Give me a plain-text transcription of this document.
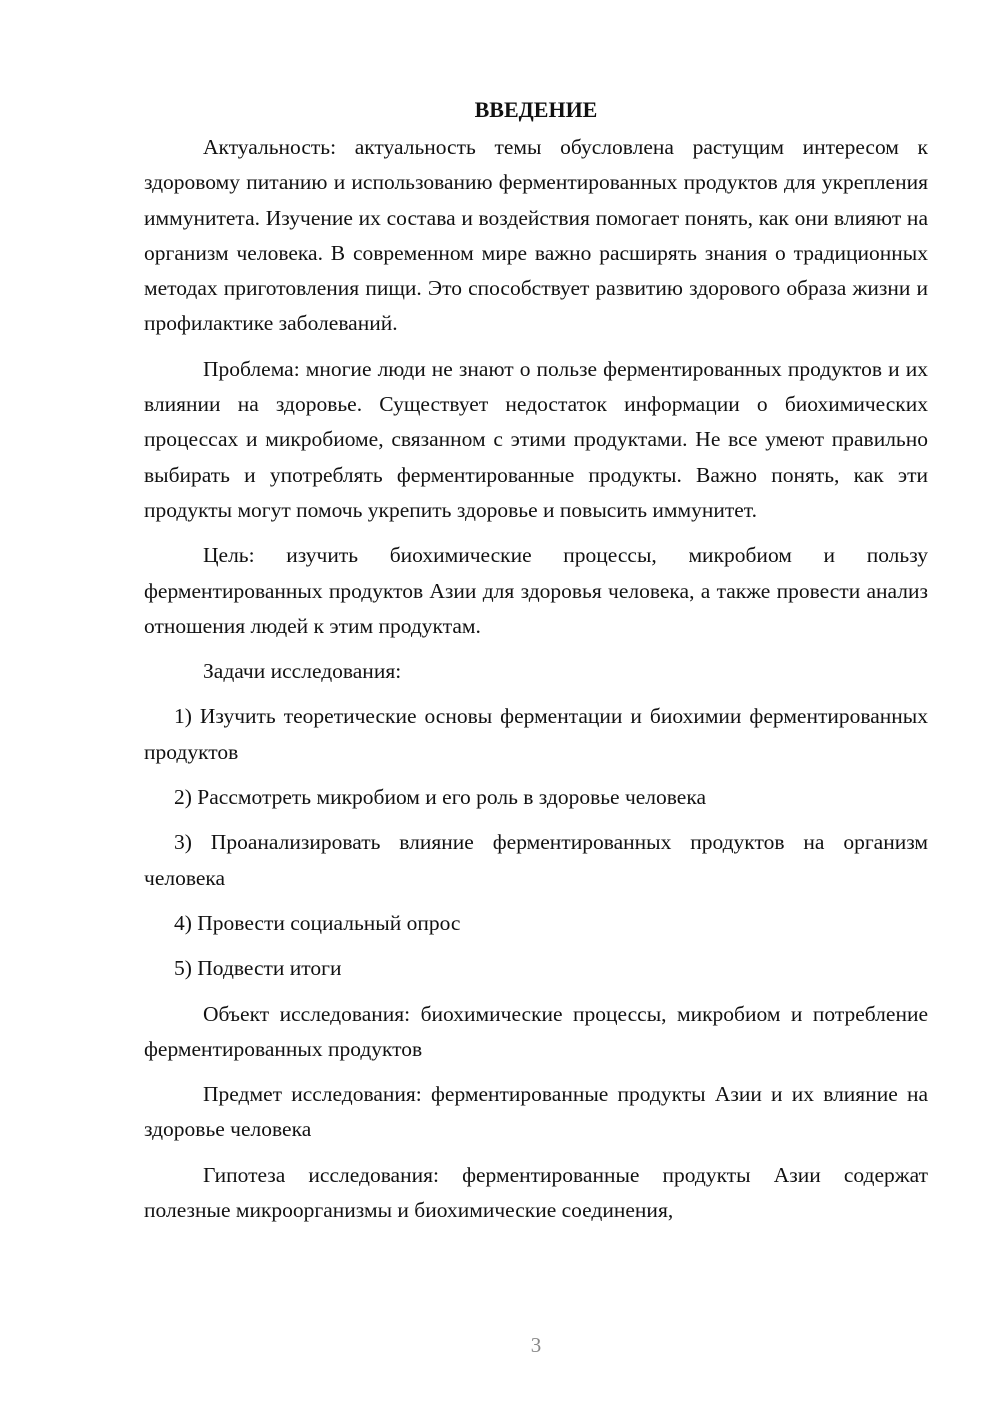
ВВЕДЕНИЕ

Актуальность: актуальность темы обусловлена растущим интересом к здоровому питанию и использованию ферментированных продуктов для укрепления иммунитета. Изучение их состава и воздействия помогает понять, как они влияют на организм человека. В современном мире важно расширять знания о традиционных методах приготовления пищи. Это способствует развитию здорового образа жизни и профилактике заболеваний.

Проблема: многие люди не знают о пользе ферментированных продуктов и их влиянии на здоровье. Существует недостаток информации о биохимических процессах и микробиоме, связанном с этими продуктами. Не все умеют правильно выбирать и употреблять ферментированные продукты. Важно понять, как эти продукты могут помочь укрепить здоровье и повысить иммунитет.

Цель: изучить биохимические процессы, микробиом и пользу ферментированных продуктов Азии для здоровья человека, а также провести анализ отношения людей к этим продуктам.

Задачи исследования:

1) Изучить теоретические основы ферментации и биохимии ферментированных продуктов

2) Рассмотреть микробиом и его роль в здоровье человека

3) Проанализировать влияние ферментированных продуктов на организм человека

4) Провести социальный опрос

5) Подвести итоги

Объект исследования: биохимические процессы, микробиом и потребление ферментированных продуктов

Предмет исследования: ферментированные продукты Азии и их влияние на здоровье человека

Гипотеза исследования: ферментированные продукты Азии содержат полезные микроорганизмы и биохимические соединения,

3
